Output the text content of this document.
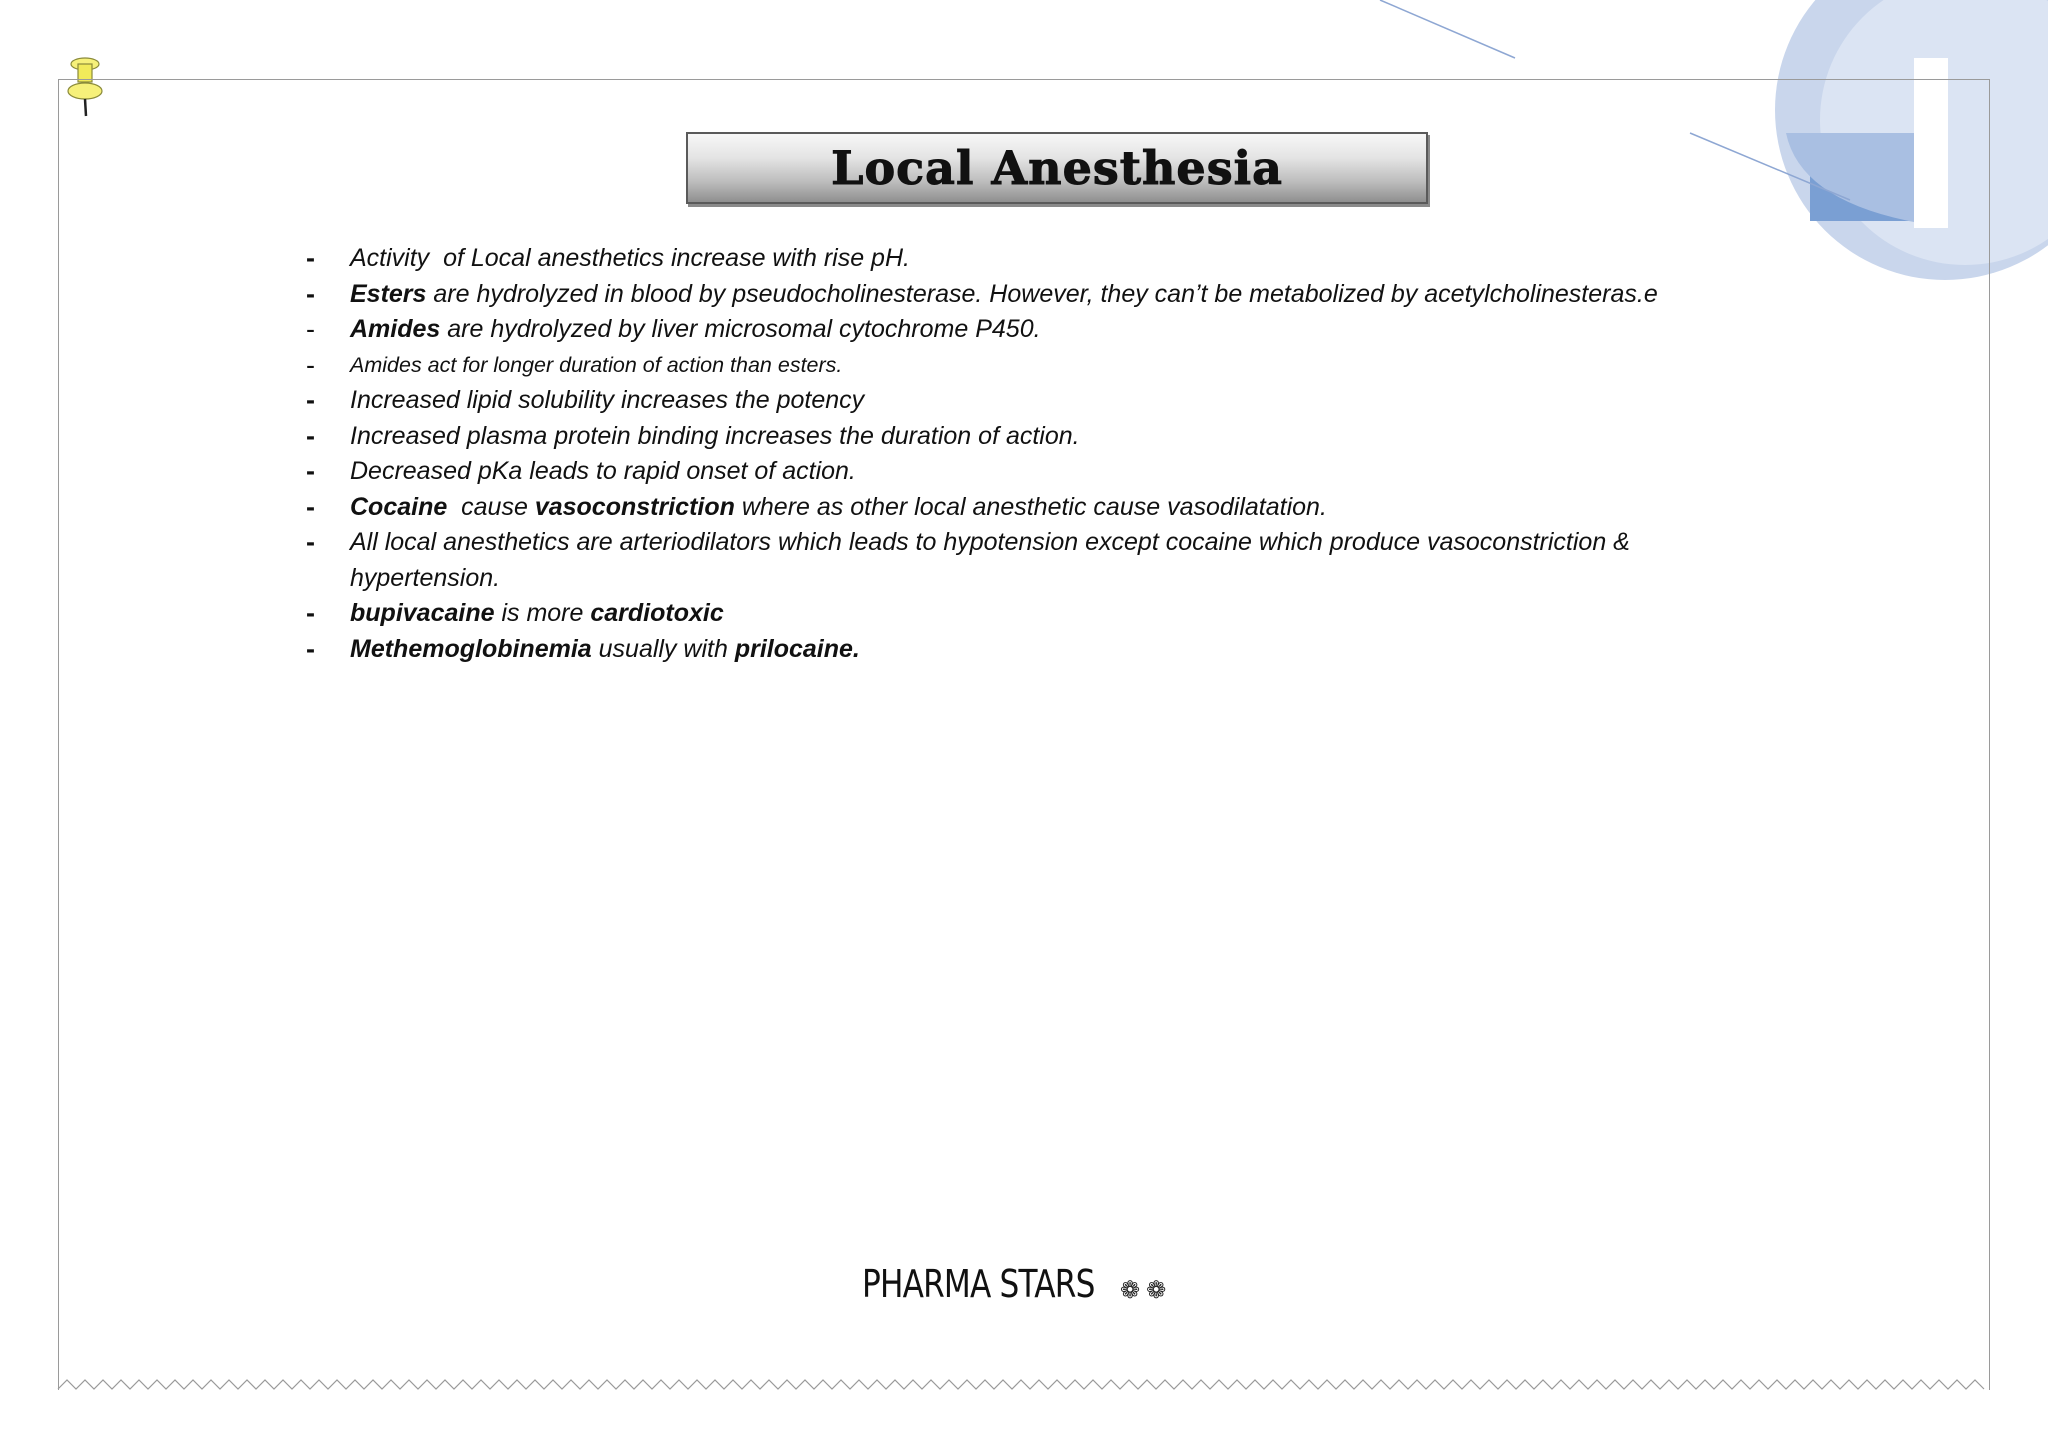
Local Anesthesia
- Activity  of Local anesthetics increase with rise pH.
- Esters are hydrolyzed in blood by pseudocholinesterase. However, they can’t be metabolized by acetylcholinesteras.e
- Amides are hydrolyzed by liver microsomal cytochrome P450.
- Amides act for longer duration of action than esters.
- Increased lipid solubility increases the potency
- Increased plasma protein binding increases the duration of action.
- Decreased pKa leads to rapid onset of action.
- Cocaine  cause vasoconstriction where as other local anesthetic cause vasodilatation.
- All local anesthetics are arteriodilators which leads to hypotension except cocaine which produce vasoconstriction & hypertension.
- bupivacaine is more cardiotoxic
- Methemoglobinemia usually with prilocaine.
PHARMA STARS ❁ ❁
